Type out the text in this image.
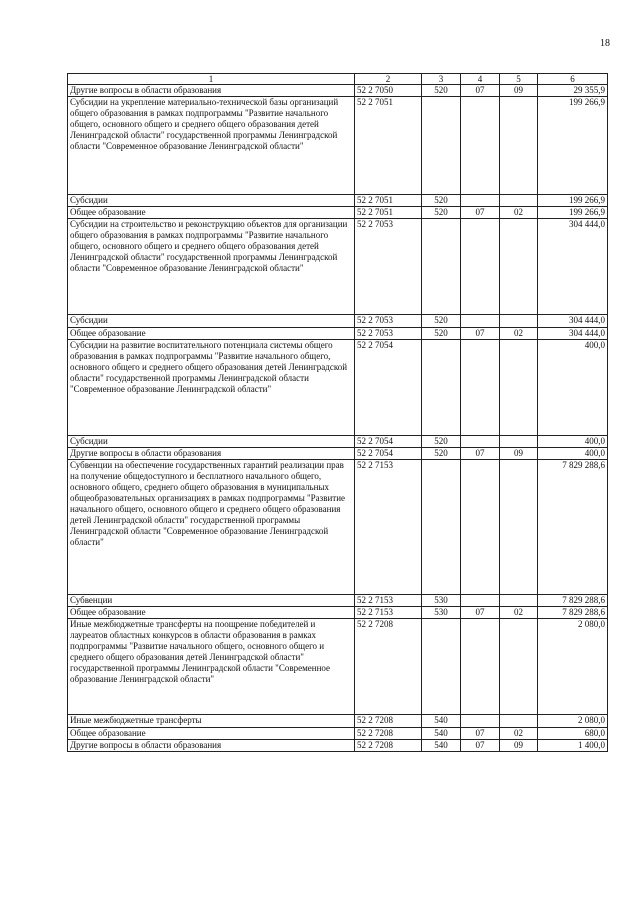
18
1	2	3	4	5	6
Другие вопросы в области образования	52 2 7050	520	07	09	29 355,9
Субсидии на укрепление материально-технической базы организаций общего образования в рамках подпрограммы "Развитие начального общего, основного общего и среднего общего образования детей Ленинградской области" государственной программы Ленинградской области "Современное образование Ленинградской области"	52 2 7051				199 266,9
Субсидии	52 2 7051	520			199 266,9
Общее образование	52 2 7051	520	07	02	199 266,9
Субсидии на строительство и реконструкцию объектов для организации общего образования в рамках подпрограммы "Развитие начального общего, основного общего и среднего общего образования детей Ленинградской области" государственной программы Ленинградской области "Современное образование Ленинградской области"	52 2 7053				304 444,0
Субсидии	52 2 7053	520			304 444,0
Общее образование	52 2 7053	520	07	02	304 444,0
Субсидии на развитие воспитательного потенциала системы общего образования в рамках подпрограммы "Развитие начального общего, основного общего и среднего общего образования детей Ленинградской области" государственной программы Ленинградской области "Современное образование Ленинградской области"	52 2 7054				400,0
Субсидии	52 2 7054	520			400,0
Другие вопросы в области образования	52 2 7054	520	07	09	400,0
Субвенции на обеспечение государственных гарантий реализации прав на получение общедоступного и бесплатного начального общего, основного общего, среднего общего образования в муниципальных общеобразовательных организациях в рамках подпрограммы "Развитие начального общего, основного общего и среднего общего образования детей Ленинградской области" государственной программы Ленинградской области "Современное образование Ленинградской области"	52 2 7153				7 829 288,6
Субвенции	52 2 7153	530			7 829 288,6
Общее образование	52 2 7153	530	07	02	7 829 288,6
Иные межбюджетные трансферты на поощрение победителей и лауреатов областных конкурсов в области образования в рамках подпрограммы "Развитие начального общего, основного общего и среднего общего образования детей Ленинградской области" государственной программы Ленинградской области "Современное образование Ленинградской области"	52 2 7208				2 080,0
Иные межбюджетные трансферты	52 2 7208	540			2 080,0
Общее образование	52 2 7208	540	07	02	680,0
Другие вопросы в области образования	52 2 7208	540	07	09	1 400,0
